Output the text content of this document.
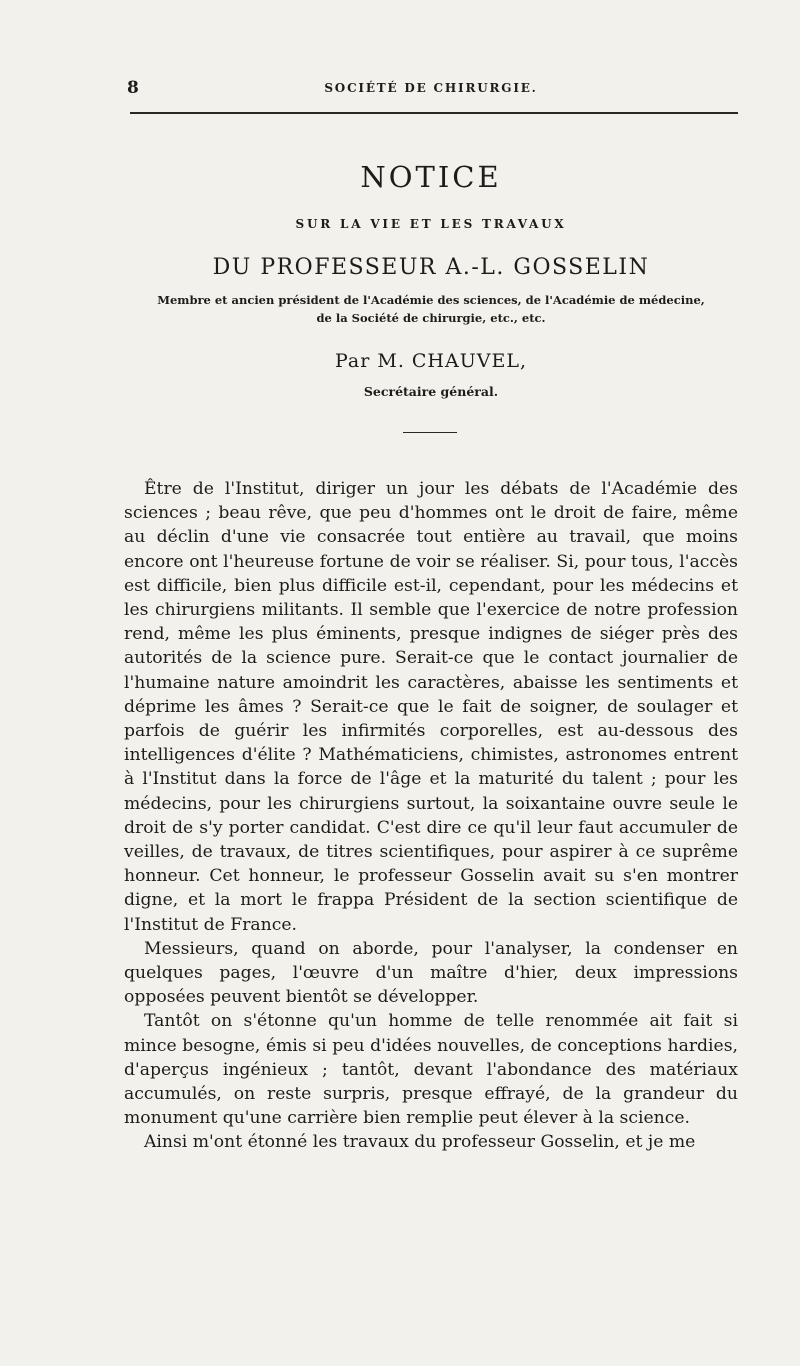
8	SOCIÉTÉ DE CHIRURGIE.
NOTICE
SUR LA VIE ET LES TRAVAUX
DU PROFESSEUR A.-L. GOSSELIN
Membre et ancien président de l'Académie des sciences, de l'Académie de médecine,
de la Société de chirurgie, etc., etc.
Par M. CHAUVEL,
Secrétaire général.

Être de l'Institut, diriger un jour les débats de l'Académie des sciences ; beau rêve, que peu d'hommes ont le droit de faire, même au déclin d'une vie consacrée tout entière au travail, que moins encore ont l'heureuse fortune de voir se réaliser. Si, pour tous, l'accès est difficile, bien plus difficile est-il, cependant, pour les médecins et les chirurgiens militants. Il semble que l'exercice de notre profession rend, même les plus éminents, presque indignes de siéger près des autorités de la science pure. Serait-ce que le contact journalier de l'humaine nature amoindrit les caractères, abaisse les sentiments et déprime les âmes ? Serait-ce que le fait de soigner, de soulager et parfois de guérir les infirmités corporelles, est au-dessous des intelligences d'élite ? Mathématiciens, chimistes, astronomes entrent à l'Institut dans la force de l'âge et la maturité du talent ; pour les médecins, pour les chirurgiens surtout, la soixantaine ouvre seule le droit de s'y porter candidat. C'est dire ce qu'il leur faut accumuler de veilles, de travaux, de titres scientifiques, pour aspirer à ce suprême honneur. Cet honneur, le professeur Gosselin avait su s'en montrer digne, et la mort le frappa Président de la section scientifique de l'Institut de France.

Messieurs, quand on aborde, pour l'analyser, la condenser en quelques pages, l'œuvre d'un maître d'hier, deux impressions opposées peuvent bientôt se développer.

Tantôt on s'étonne qu'un homme de telle renommée ait fait si mince besogne, émis si peu d'idées nouvelles, de conceptions hardies, d'aperçus ingénieux ; tantôt, devant l'abondance des matériaux accumulés, on reste surpris, presque effrayé, de la grandeur du monument qu'une carrière bien remplie peut élever à la science.

Ainsi m'ont étonné les travaux du professeur Gosselin, et je me
